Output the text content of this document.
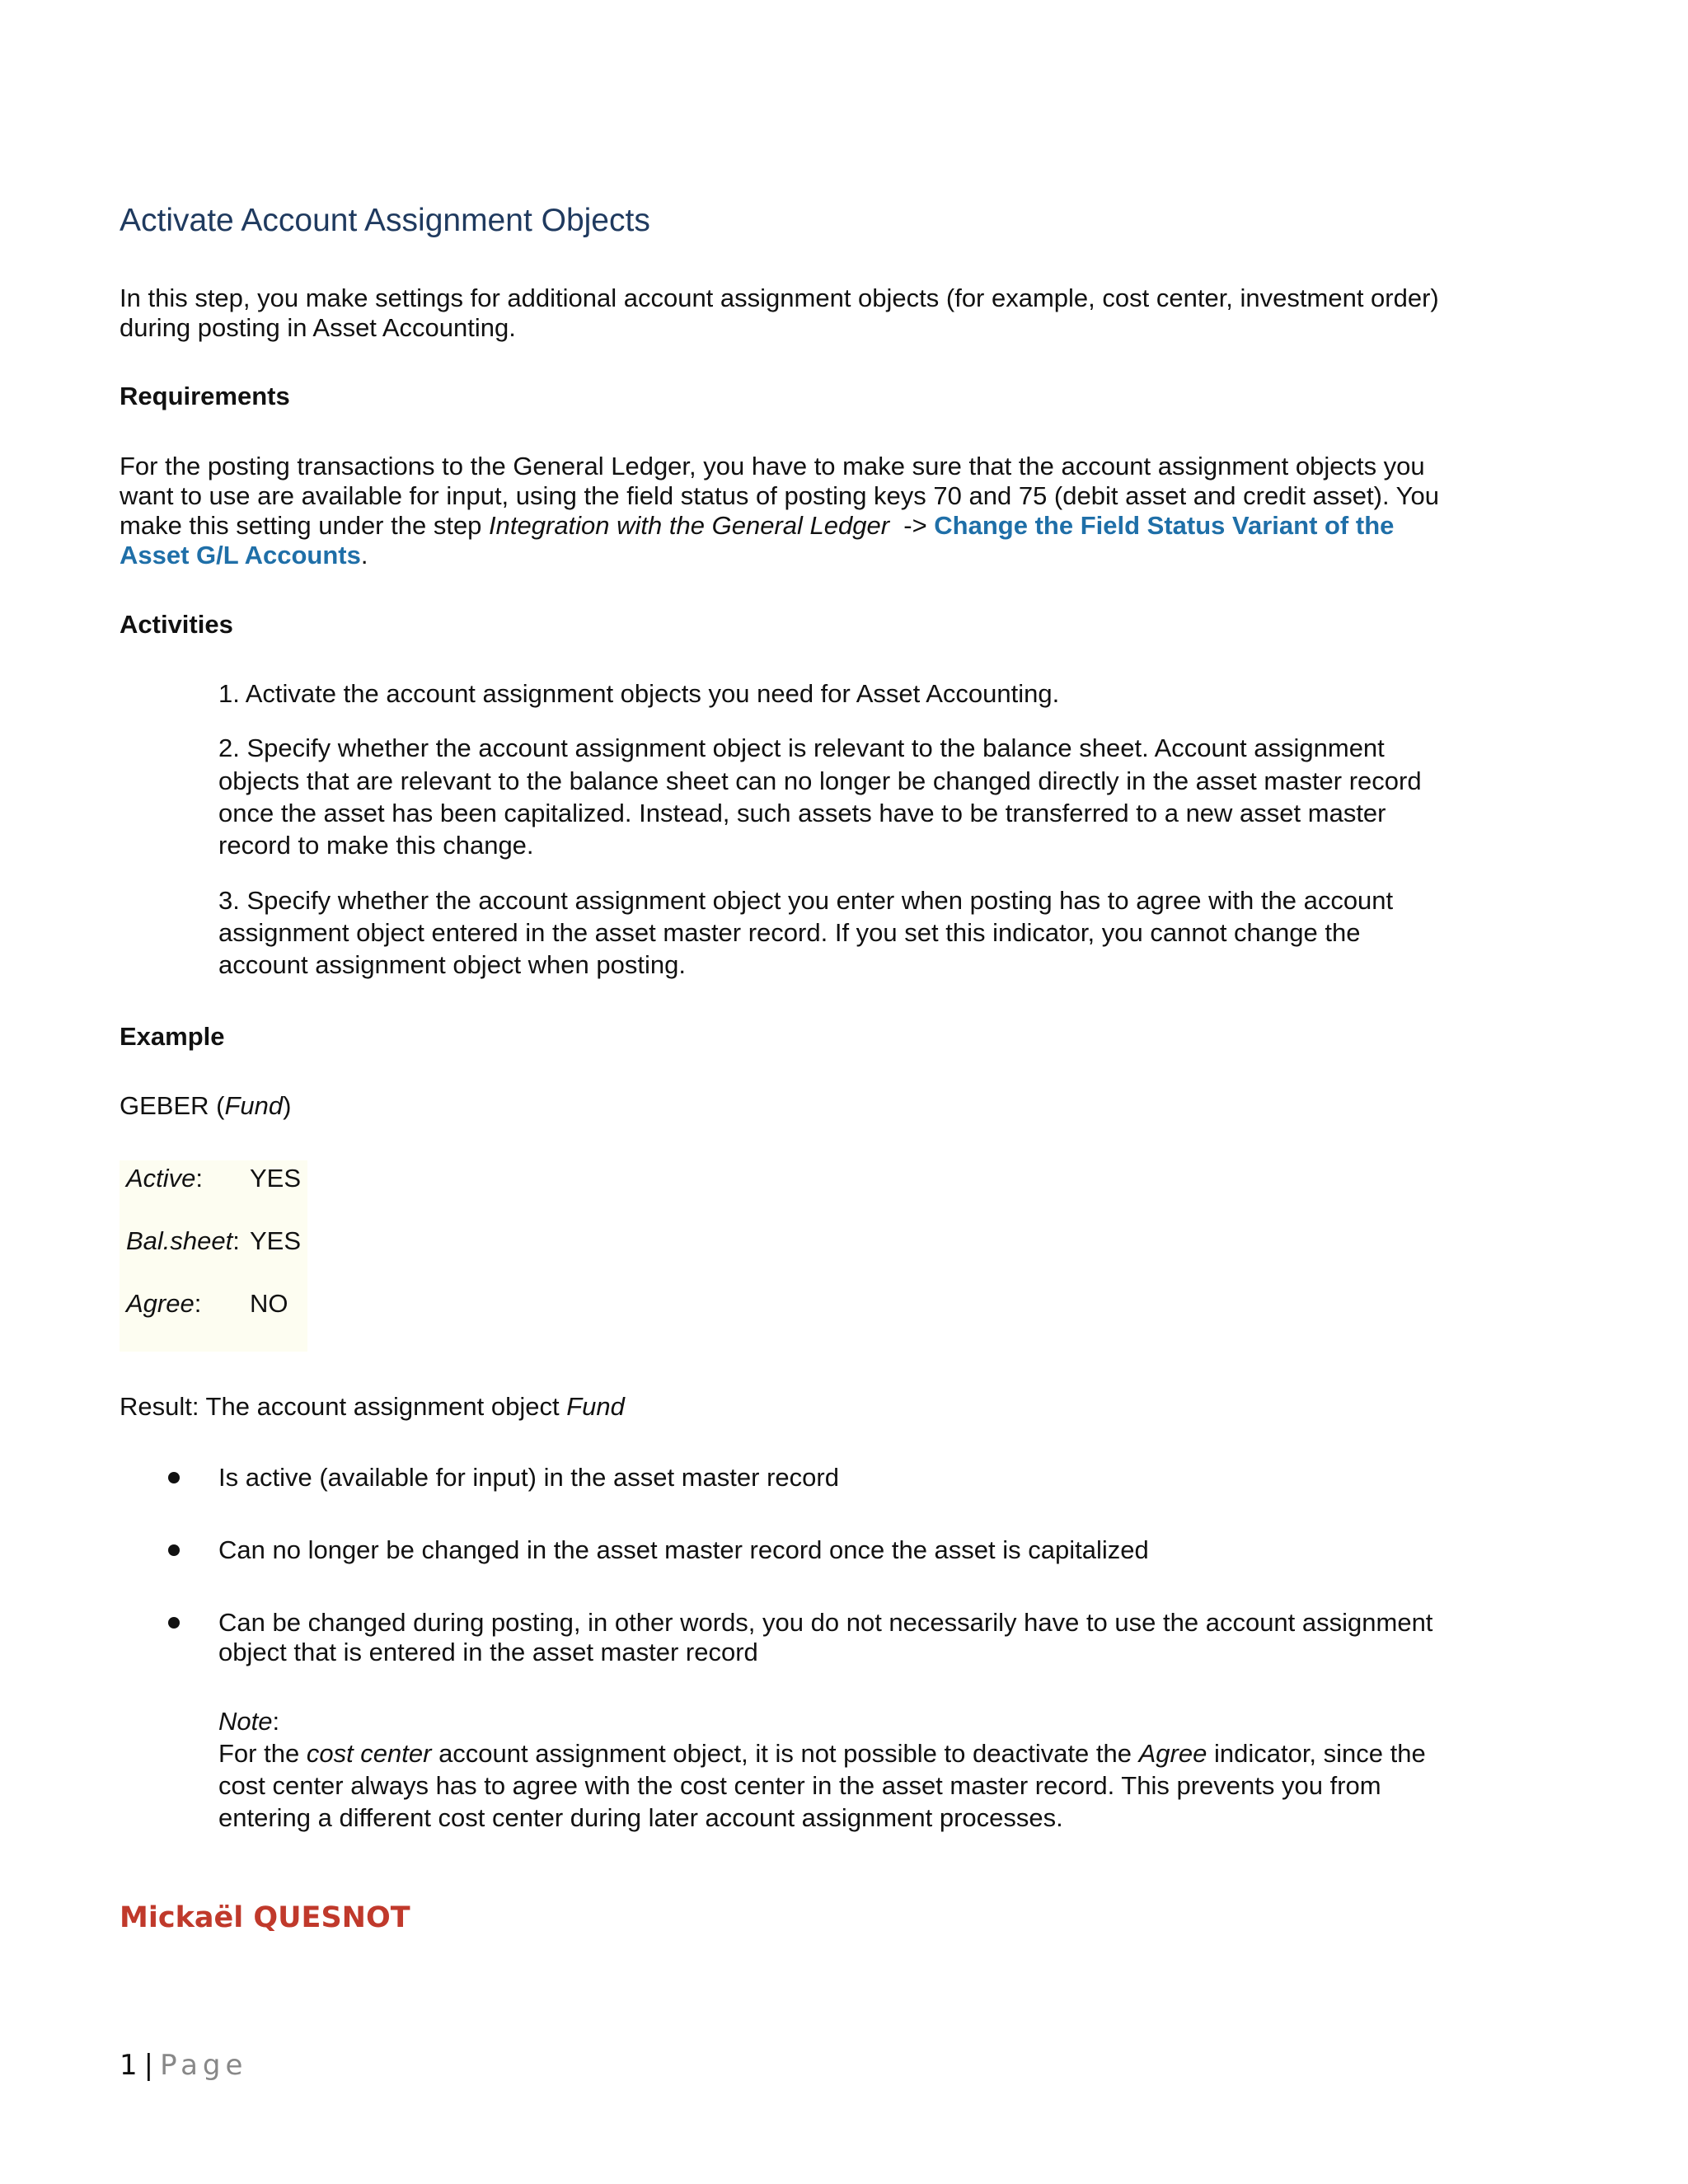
Activate Account Assignment Objects
In this step, you make settings for additional account assignment objects (for example, cost center, investment order)
during posting in Asset Accounting.
Requirements
For the posting transactions to the General Ledger, you have to make sure that the account assignment objects you
want to use are available for input, using the field status of posting keys 70 and 75 (debit asset and credit asset). You
make this setting under the step Integration with the General Ledger  -> Change the Field Status Variant of the
Asset G/L Accounts.
Activities
1. Activate the account assignment objects you need for Asset Accounting.
2. Specify whether the account assignment object is relevant to the balance sheet. Account assignment
objects that are relevant to the balance sheet can no longer be changed directly in the asset master record
once the asset has been capitalized. Instead, such assets have to be transferred to a new asset master
record to make this change.
3. Specify whether the account assignment object you enter when posting has to agree with the account
assignment object entered in the asset master record. If you set this indicator, you cannot change the
account assignment object when posting.
Example
GEBER (Fund)
Active: YES
Bal.sheet: YES
Agree: NO
Result: The account assignment object Fund
Is active (available for input) in the asset master record
Can no longer be changed in the asset master record once the asset is capitalized
Can be changed during posting, in other words, you do not necessarily have to use the account assignment
object that is entered in the asset master record
Note:
For the cost center account assignment object, it is not possible to deactivate the Agree indicator, since the
cost center always has to agree with the cost center in the asset master record. This prevents you from
entering a different cost center during later account assignment processes.
Mickaël QUESNOT
1 | Page
